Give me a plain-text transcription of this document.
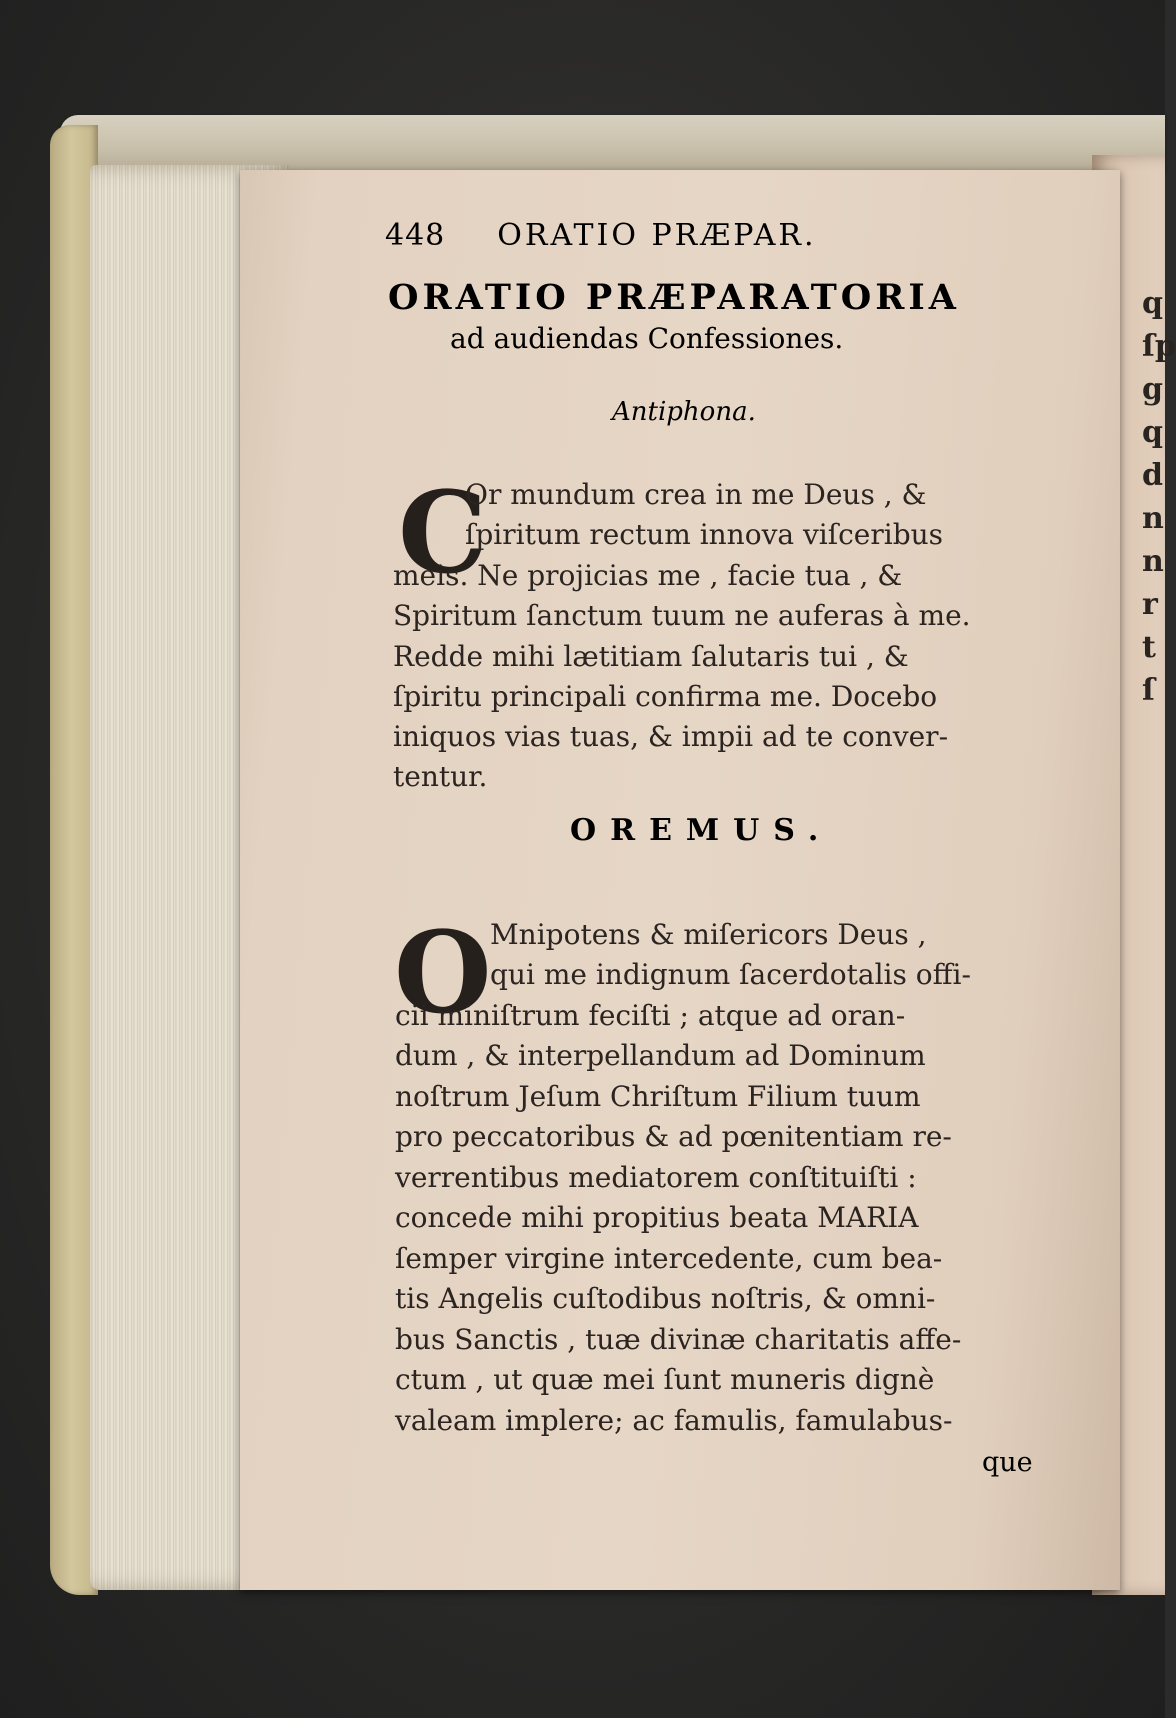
q
ſp
g
q
d
n
n
r
t
ſ
448 ORATIO PRÆPAR.
ORATIO PRÆPARATORIA
ad audiendas Confessiones.
Antiphona.
C
Or mundum crea in me Deus , &
ſpiritum rectum innova viſceribus
meis. Ne projicias me , facie tua , &
Spiritum ſanctum tuum ne auferas à me.
Redde mihi lætitiam ſalutaris tui , &
ſpiritu principali confirma me. Docebo
iniquos vias tuas, & impii ad te conver-
tentur.
OREMUS.
O
Mnipotens & miſericors Deus ,
qui me indignum ſacerdotalis offi-
cii miniſtrum feciſti ; atque ad oran-
dum , & interpellandum ad Dominum
noſtrum Jeſum Chriſtum Filium tuum
pro peccatoribus & ad pœnitentiam re-
verrentibus mediatorem conſtituiſti :
concede mihi propitius beata MARIA
ſemper virgine intercedente, cum bea-
tis Angelis cuſtodibus noſtris, & omni-
bus Sanctis , tuæ divinæ charitatis affe-
ctum , ut quæ mei ſunt muneris dignè
valeam implere; ac famulis, famulabus-
que
